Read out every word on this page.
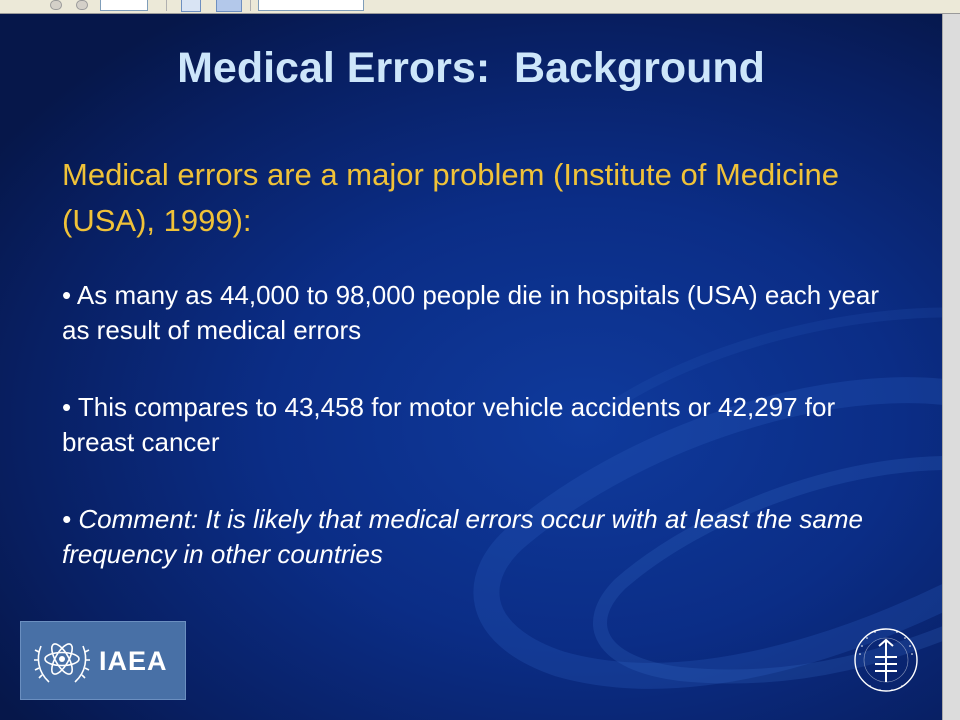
Medical Errors:  Background

Medical errors are a major problem (Institute of Medicine (USA), 1999):

• As many as 44,000 to 98,000 people die in hospitals (USA) each year as result of medical errors

• This compares to 43,458 for motor vehicle accidents or 42,297 for breast cancer

• Comment: It is likely that medical errors occur with at least the same frequency in other countries

IAEA
